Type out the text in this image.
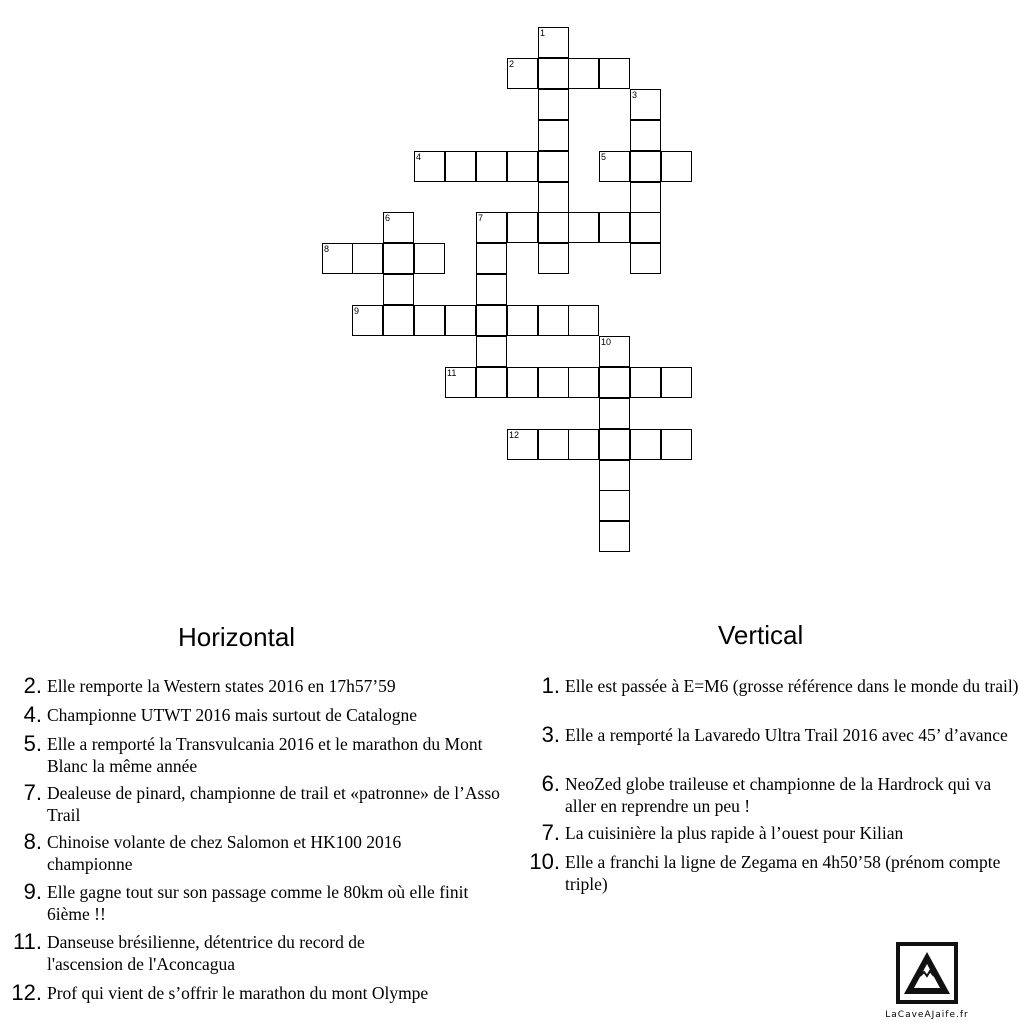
1
2
3
4	5
6	7
8
9
10
11
12
Horizontal	Vertical
2. Elle remporte la Western states 2016 en 17h57’59
4. Championne UTWT 2016 mais surtout de Catalogne
5. Elle a remporté la Transvulcania 2016 et le marathon du Mont Blanc la même année
7. Dealeuse de pinard, championne de trail et «patronne» de l’Asso Trail
8. Chinoise volante de chez Salomon et HK100 2016 championne
9. Elle gagne tout sur son passage comme le 80km où elle finit 6ième !!
11. Danseuse brésilienne, détentrice du record de l'ascension de l'Aconcagua
12. Prof qui vient de s’offrir le marathon du mont Olympe
1. Elle est passée à E=M6 (grosse référence dans le monde du trail)
3. Elle a remporté la Lavaredo Ultra Trail 2016 avec 45’ d’avance
6. NeoZed globe traileuse et championne de la Hardrock qui va aller en reprendre un peu !
7. La cuisinière la plus rapide à l’ouest pour Kilian
10. Elle a franchi la ligne de Zegama en 4h50’58 (prénom compte triple)
LaCaveAJaife.fr
